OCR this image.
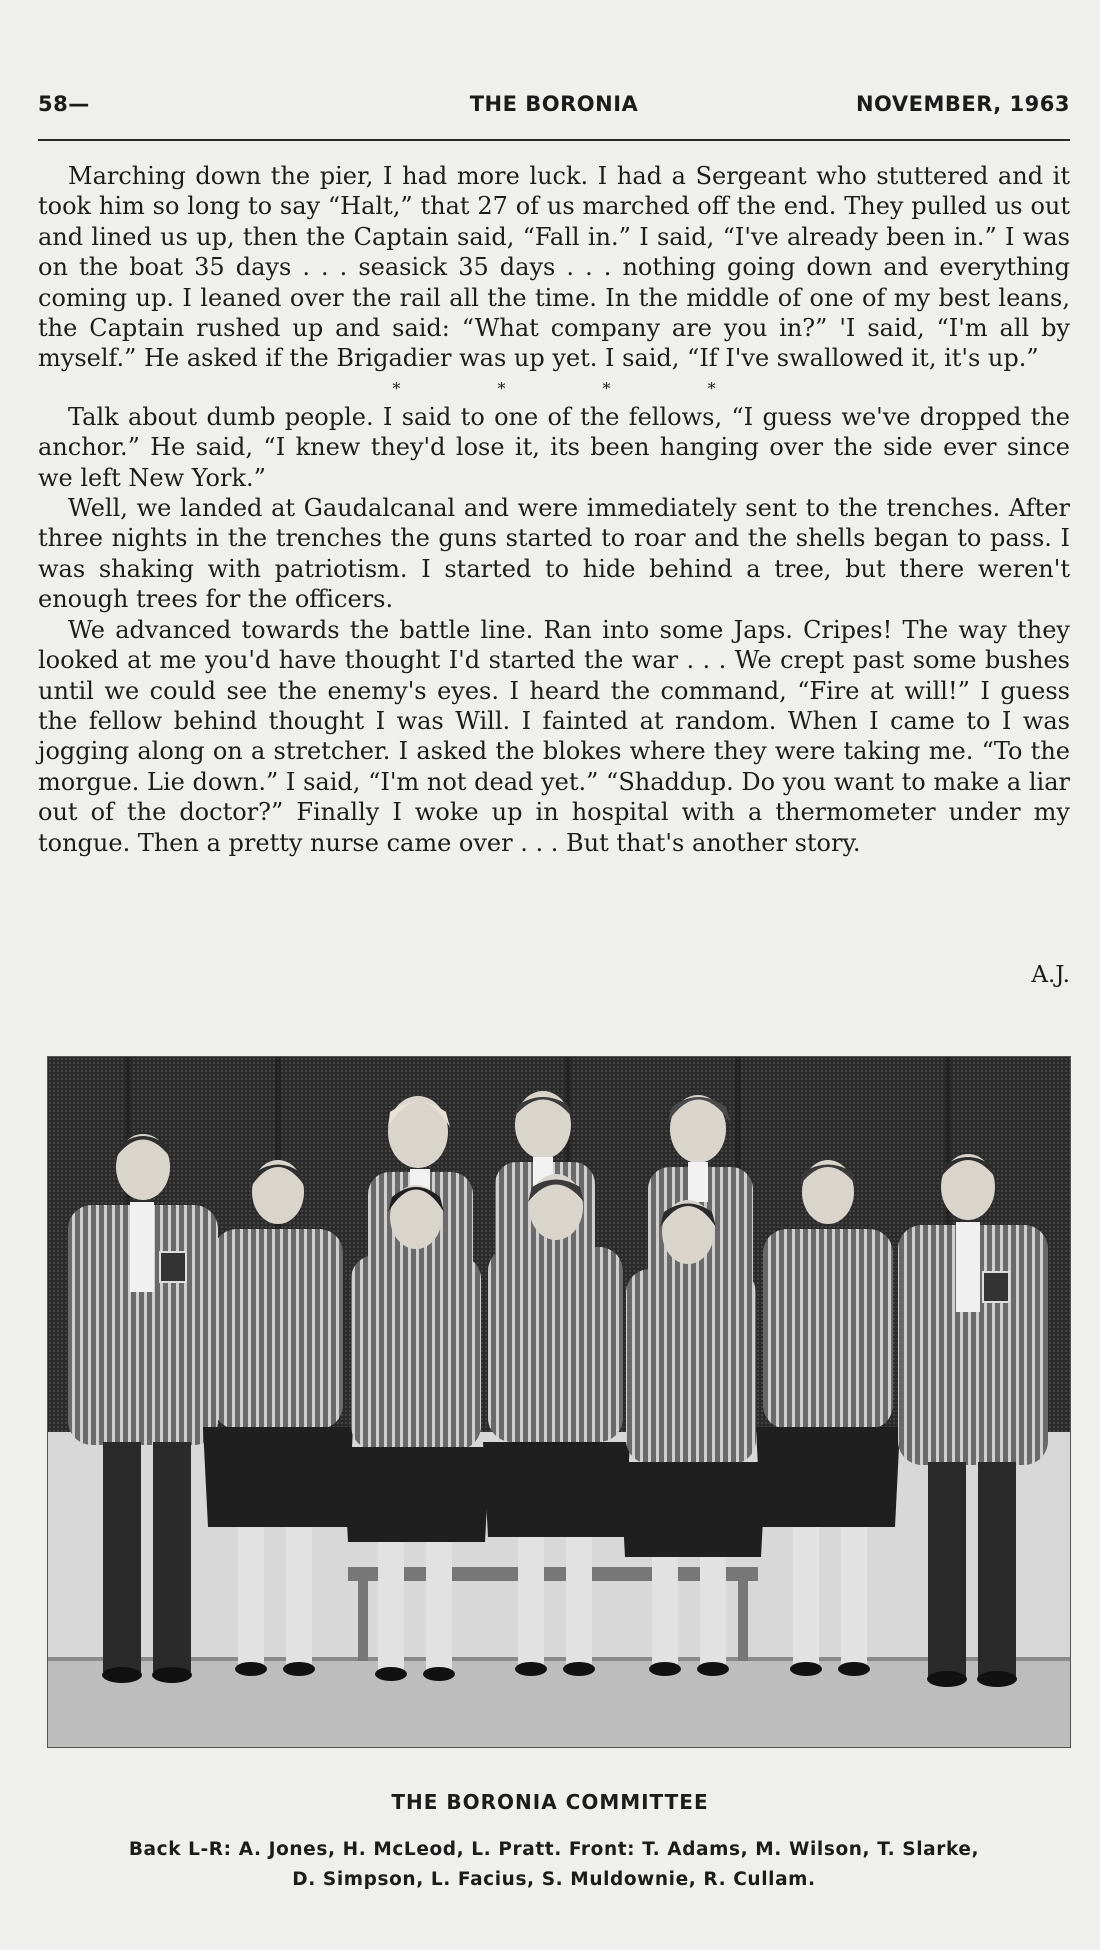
58—	THE BORONIA	NOVEMBER, 1963

Marching down the pier, I had more luck. I had a Sergeant who stuttered and it took him so long to say “Halt,” that 27 of us marched off the end. They pulled us out and lined us up, then the Captain said, “Fall in.” I said, “I've already been in.” I was on the boat 35 days . . . seasick 35 days . . . nothing going down and everything coming up. I leaned over the rail all the time. In the middle of one of my best leans, the Captain rushed up and said: “What company are you in?” 'I said, “I'm all by myself.” He asked if the Brigadier was up yet. I said, “If I've swallowed it, it's up.”

* * * *

Talk about dumb people. I said to one of the fellows, “I guess we've dropped the anchor.” He said, “I knew they'd lose it, its been hanging over the side ever since we left New York.”

Well, we landed at Gaudalcanal and were immediately sent to the trenches. After three nights in the trenches the guns started to roar and the shells began to pass. I was shaking with patriotism. I started to hide behind a tree, but there weren't enough trees for the officers.

We advanced towards the battle line. Ran into some Japs. Cripes! The way they looked at me you'd have thought I'd started the war . . . We crept past some bushes until we could see the enemy's eyes. I heard the command, “Fire at will!” I guess the fellow behind thought I was Will. I fainted at random. When I came to I was jogging along on a stretcher. I asked the blokes where they were taking me. “To the morgue. Lie down.” I said, “I'm not dead yet.” “Shaddup. Do you want to make a liar out of the doctor?” Finally I woke up in hospital with a thermometer under my tongue. Then a pretty nurse came over . . . But that's another story.

A.J.
THE BORONIA COMMITTEE
Back L-R: A. Jones, H. McLeod, L. Pratt. Front: T. Adams, M. Wilson, T. Slarke,
D. Simpson, L. Facius, S. Muldownie, R. Cullam.
